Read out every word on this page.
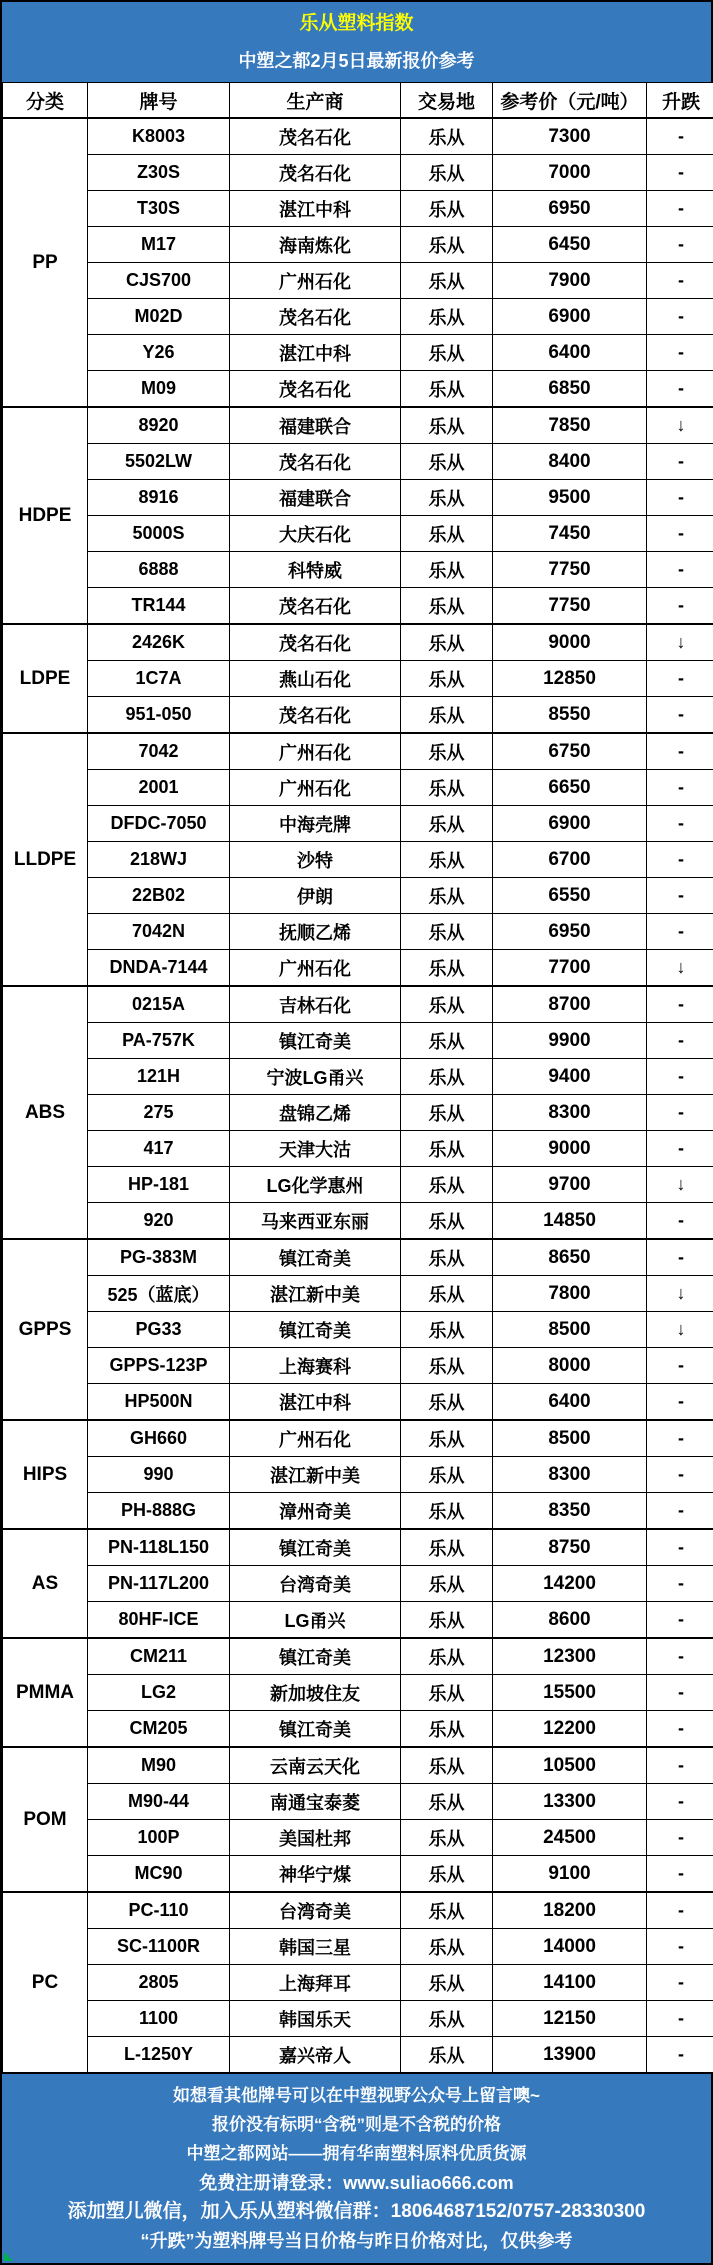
乐从塑料指数
中塑之都2月5日最新报价参考
分类	牌号	生产商	交易地	参考价（元/吨）	升跌
PP	K8003	茂名石化	乐从	7300	-
	Z30S	茂名石化	乐从	7000	-
	T30S	湛江中科	乐从	6950	-
	M17	海南炼化	乐从	6450	-
	CJS700	广州石化	乐从	7900	-
	M02D	茂名石化	乐从	6900	-
	Y26	湛江中科	乐从	6400	-
	M09	茂名石化	乐从	6850	-
HDPE	8920	福建联合	乐从	7850	↓
	5502LW	茂名石化	乐从	8400	-
	8916	福建联合	乐从	9500	-
	5000S	大庆石化	乐从	7450	-
	6888	科特威	乐从	7750	-
	TR144	茂名石化	乐从	7750	-
LDPE	2426K	茂名石化	乐从	9000	↓
	1C7A	燕山石化	乐从	12850	-
	951-050	茂名石化	乐从	8550	-
LLDPE	7042	广州石化	乐从	6750	-
	2001	广州石化	乐从	6650	-
	DFDC-7050	中海壳牌	乐从	6900	-
	218WJ	沙特	乐从	6700	-
	22B02	伊朗	乐从	6550	-
	7042N	抚顺乙烯	乐从	6950	-
	DNDA-7144	广州石化	乐从	7700	↓
ABS	0215A	吉林石化	乐从	8700	-
	PA-757K	镇江奇美	乐从	9900	-
	121H	宁波LG甬兴	乐从	9400	-
	275	盘锦乙烯	乐从	8300	-
	417	天津大沽	乐从	9000	-
	HP-181	LG化学惠州	乐从	9700	↓
	920	马来西亚东丽	乐从	14850	-
GPPS	PG-383M	镇江奇美	乐从	8650	-
	525（蓝底）	湛江新中美	乐从	7800	↓
	PG33	镇江奇美	乐从	8500	↓
	GPPS-123P	上海赛科	乐从	8000	-
	HP500N	湛江中科	乐从	6400	-
HIPS	GH660	广州石化	乐从	8500	-
	990	湛江新中美	乐从	8300	-
	PH-888G	漳州奇美	乐从	8350	-
AS	PN-118L150	镇江奇美	乐从	8750	-
	PN-117L200	台湾奇美	乐从	14200	-
	80HF-ICE	LG甬兴	乐从	8600	-
PMMA	CM211	镇江奇美	乐从	12300	-
	LG2	新加坡住友	乐从	15500	-
	CM205	镇江奇美	乐从	12200	-
POM	M90	云南云天化	乐从	10500	-
	M90-44	南通宝泰菱	乐从	13300	-
	100P	美国杜邦	乐从	24500	-
	MC90	神华宁煤	乐从	9100	-
PC	PC-110	台湾奇美	乐从	18200	-
	SC-1100R	韩国三星	乐从	14000	-
	2805	上海拜耳	乐从	14100	-
	1100	韩国乐天	乐从	12150	-
	L-1250Y	嘉兴帝人	乐从	13900	-
如想看其他牌号可以在中塑视野公众号上留言噢~
报价没有标明“含税”则是不含税的价格
中塑之都网站——拥有华南塑料原料优质货源
免费注册请登录：www.suliao666.com
添加塑儿微信，加入乐从塑料微信群：18064687152/0757-28330300
“升跌”为塑料牌号当日价格与昨日价格对比，仅供参考
